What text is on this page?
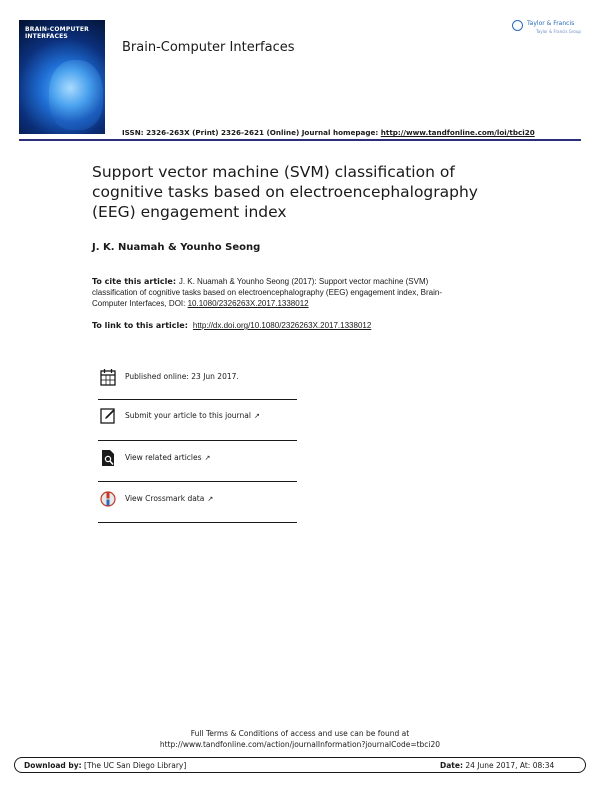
BRAIN-COMPUTER
INTERFACES
Brain-Computer Interfaces
Taylor & Francis
Taylor & Francis Group
ISSN: 2326-263X (Print) 2326-2621 (Online) Journal homepage: http://www.tandfonline.com/loi/tbci20
Support vector machine (SVM) classification of
cognitive tasks based on electroencephalography
(EEG) engagement index
J. K. Nuamah & Younho Seong
To cite this article: J. K. Nuamah & Younho Seong (2017): Support vector machine (SVM)
classification of cognitive tasks based on electroencephalography (EEG) engagement index, Brain-
Computer Interfaces, DOI: 10.1080/2326263X.2017.1338012
To link to this article:  http://dx.doi.org/10.1080/2326263X.2017.1338012
Published online: 23 Jun 2017.
Submit your article to this journal ↗
View related articles ↗
View Crossmark data ↗
Full Terms & Conditions of access and use can be found at
http://www.tandfonline.com/action/journalInformation?journalCode=tbci20
Download by: [The UC San Diego Library]	Date: 24 June 2017, At: 08:34
